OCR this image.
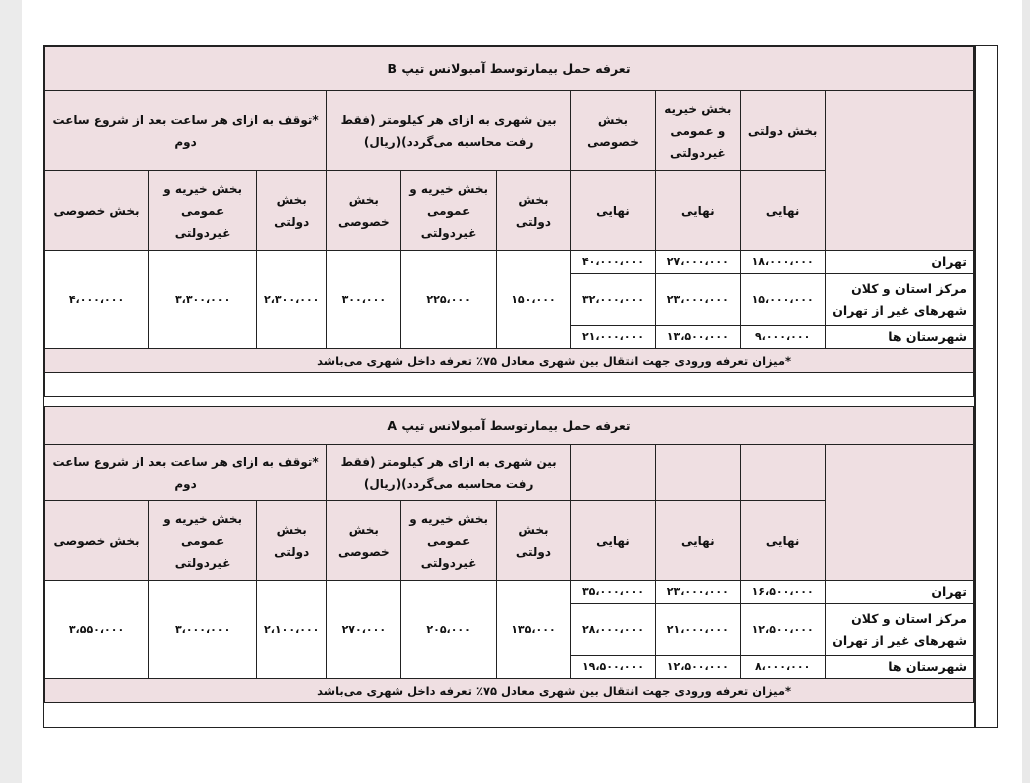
تعرفه حمل بیمارتوسط آمبولانس تیپ B									
	بخش دولتی	بخش خیریه و عمومی غیردولتی	بخش خصوصی	بین شهری به ازای هر کیلومتر (فقط رفت محاسبه می‌گردد)(ریال)			*توقف به ازای هر ساعت بعد از شروع ساعت دوم		
	نهایی	نهایی	نهایی	بخش دولتی	بخش خیریه و عمومی غیردولتی	بخش خصوصی	بخش دولتی	بخش خیریه و عمومی غیردولتی	بخش خصوصی
تهران	۱۸،۰۰۰،۰۰۰	۲۷،۰۰۰،۰۰۰	۴۰،۰۰۰،۰۰۰	۱۵۰،۰۰۰	۲۲۵،۰۰۰	۳۰۰،۰۰۰	۲،۳۰۰،۰۰۰	۳،۳۰۰،۰۰۰	۴،۰۰۰،۰۰۰
مرکز استان و کلان شهرهای غیر از تهران	۱۵،۰۰۰،۰۰۰	۲۳،۰۰۰،۰۰۰	۳۲،۰۰۰،۰۰۰						
شهرستان ها	۹،۰۰۰،۰۰۰	۱۳،۵۰۰،۰۰۰	۲۱،۰۰۰،۰۰۰						
*میزان تعرفه ورودی جهت انتقال بین شهری معادل ۷۵٪ تعرفه داخل شهری می‌باشد									

تعرفه حمل بیمارتوسط آمبولانس تیپ A									
				بین شهری به ازای هر کیلومتر (فقط رفت محاسبه می‌گردد)(ریال)			*توقف به ازای هر ساعت بعد از شروع ساعت دوم		
	نهایی	نهایی	نهایی	بخش دولتی	بخش خیریه و عمومی غیردولتی	بخش خصوصی	بخش دولتی	بخش خیریه و عمومی غیردولتی	بخش خصوصی
تهران	۱۶،۵۰۰،۰۰۰	۲۳،۰۰۰،۰۰۰	۳۵،۰۰۰،۰۰۰	۱۳۵،۰۰۰	۲۰۵،۰۰۰	۲۷۰،۰۰۰	۲،۱۰۰،۰۰۰	۳،۰۰۰،۰۰۰	۳،۵۵۰،۰۰۰
مرکز استان و کلان شهرهای غیر از تهران	۱۲،۵۰۰،۰۰۰	۲۱،۰۰۰،۰۰۰	۲۸،۰۰۰،۰۰۰						
شهرستان ها	۸،۰۰۰،۰۰۰	۱۲،۵۰۰،۰۰۰	۱۹،۵۰۰،۰۰۰						
*میزان تعرفه ورودی جهت انتقال بین شهری معادل ۷۵٪ تعرفه داخل شهری می‌باشد									
